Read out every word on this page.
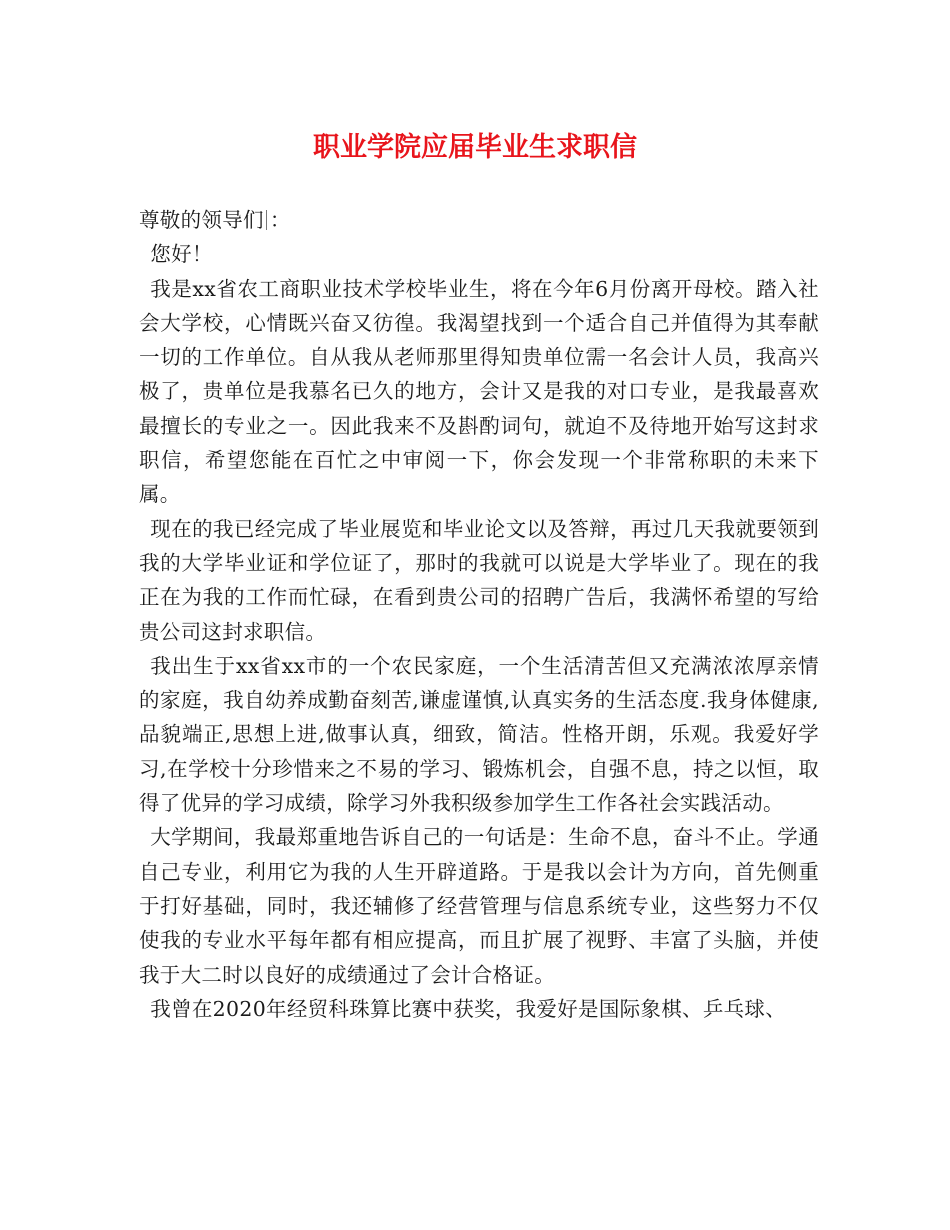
职业学院应届毕业生求职信

尊敬的领导们 ：

您好！

我是xx省农工商职业技术学校毕业生，将在今年6月份离开母校。踏入社会大学校，心情既兴奋又彷徨。我渴望找到一个适合自己并值得为其奉献一切的工作单位。自从我从老师那里得知贵单位需一名会计人员，我高兴极了，贵单位是我慕名已久的地方，会计又是我的对口专业，是我最喜欢最擅长的专业之一。因此我来不及斟酌词句，就迫不及待地开始写这封求职信，希望您能在百忙之中审阅一下，你会发现一个非常称职的未来下属。

现在的我已经完成了毕业展览和毕业论文以及答辩，再过几天我就要领到我的大学毕业证和学位证了，那时的我就可以说是大学毕业了。现在的我正在为我的工作而忙碌，在看到贵公司的招聘广告后，我满怀希望的写给贵公司这封求职信。

我出生于xx省xx市的一个农民家庭，一个生活清苦但又充满浓浓厚亲情的家庭，我自幼养成勤奋刻苦,谦虚谨慎,认真实务的生活态度.我身体健康,品貌端正,思想上进,做事认真，细致，简洁。性格开朗，乐观。我爱好学习,在学校十分珍惜来之不易的学习、锻炼机会，自强不息，持之以恒，取得了优异的学习成绩，除学习外我积级参加学生工作各社会实践活动。

大学期间，我最郑重地告诉自己的一句话是：生命不息，奋斗不止。学通自己专业，利用它为我的人生开辟道路。于是我以会计为方向，首先侧重于打好基础，同时，我还辅修了经营管理与信息系统专业，这些努力不仅使我的专业水平每年都有相应提高，而且扩展了视野、丰富了头脑，并使我于大二时以良好的成绩通过了会计合格证。

我曾在2020年经贸科珠算比赛中获奖，我爱好是国际象棋、乒乓球、
